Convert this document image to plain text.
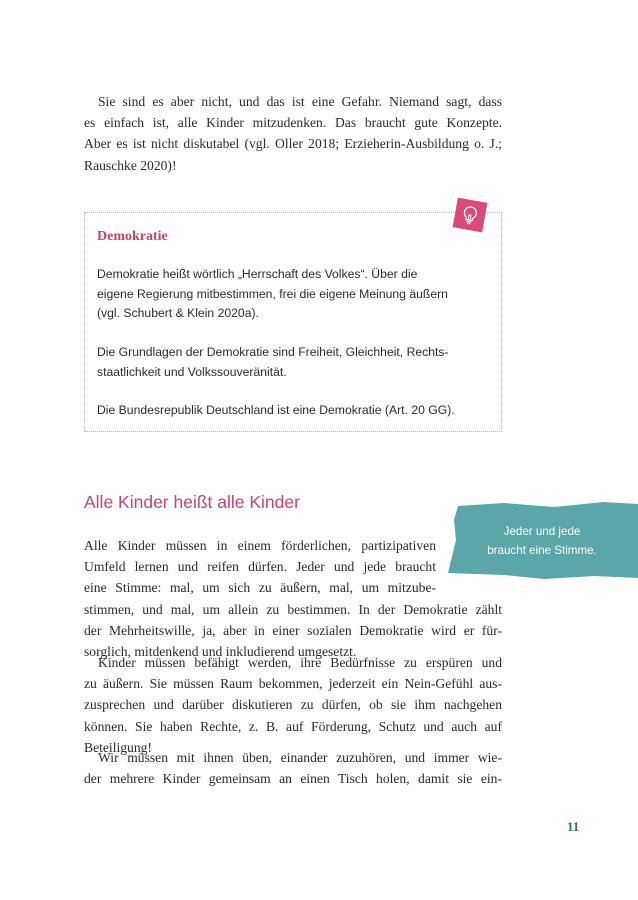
Sie sind es aber nicht, und das ist eine Gefahr. Niemand sagt, dass
es einfach ist, alle Kinder mitzudenken. Das braucht gute Konzepte.
Aber es ist nicht diskutabel (vgl. Oller 2018; Erzieherin-Ausbildung o. J.;
Rauschke 2020)!

Demokratie
Demokratie heißt wörtlich „Herrschaft des Volkes“. Über die
eigene Regierung mitbestimmen, frei die eigene Meinung äußern
(vgl. Schubert & Klein 2020a).
Die Grundlagen der Demokratie sind Freiheit, Gleichheit, Rechts-
staatlichkeit und Volkssouveränität.
Die Bundesrepublik Deutschland ist eine Demokratie (Art. 20 GG).
Alle Kinder heißt alle Kinder
Jeder und jede
braucht eine Stimme.

Alle Kinder müssen in einem förderlichen, partizipativen
Umfeld lernen und reifen dürfen. Jeder und jede braucht
eine Stimme: mal, um sich zu äußern, mal, um mitzube-
stimmen, und mal, um allein zu bestimmen. In der Demokratie zählt
der Mehrheitswille, ja, aber in einer sozialen Demokratie wird er für-
sorglich, mitdenkend und inkludierend umgesetzt.

Kinder müssen befähigt werden, ihre Bedürfnisse zu erspüren und
zu äußern. Sie müssen Raum bekommen, jederzeit ein Nein-Gefühl aus-
zusprechen und darüber diskutieren zu dürfen, ob sie ihm nachgehen
können. Sie haben Rechte, z. B. auf Förderung, Schutz und auch auf
Beteiligung!

Wir müssen mit ihnen üben, einander zuzuhören, und immer wie-
der mehrere Kinder gemeinsam an einen Tisch holen, damit sie ein-

11
